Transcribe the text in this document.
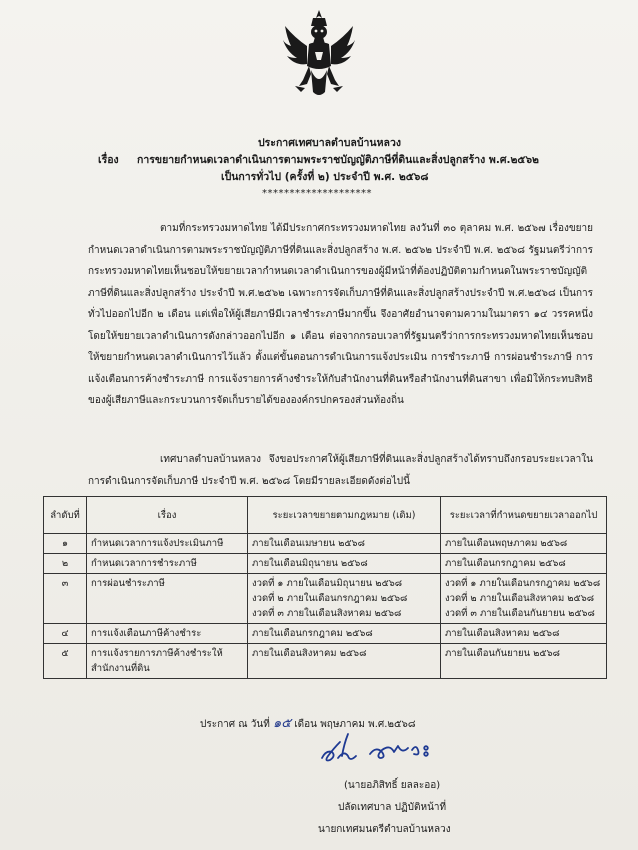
ประกาศเทศบาลตำบลบ้านหลวง
เรื่อง การขยายกำหนดเวลาดำเนินการตามพระราชบัญญัติภาษีที่ดินและสิ่งปลูกสร้าง พ.ศ.๒๕๖๒
เป็นการทั่วไป (ครั้งที่ ๒) ประจำปี พ.ศ. ๒๕๖๘
********************

ตามที่กระทรวงมหาดไทย ได้มีประกาศกระทรวงมหาดไทย ลงวันที่ ๓๐ ตุลาคม พ.ศ. ๒๕๖๗ เรื่องขยายกำหนดเวลาดำเนินการตามพระราชบัญญัติภาษีที่ดินและสิ่งปลูกสร้าง พ.ศ. ๒๕๖๒ ประจำปี พ.ศ. ๒๕๖๘ รัฐมนตรีว่าการกระทรวงมหาดไทยเห็นชอบให้ขยายเวลากำหนดเวลาดำเนินการของผู้มีหน้าที่ต้องปฏิบัติตามกำหนดในพระราชบัญญัติภาษีที่ดินและสิ่งปลูกสร้าง ประจำปี พ.ศ.๒๕๖๒ เฉพาะการจัดเก็บภาษีที่ดินและสิ่งปลูกสร้างประจำปี พ.ศ.๒๕๖๘ เป็นการทั่วไปออกไปอีก ๒ เดือน แต่เพื่อให้ผู้เสียภาษีมีเวลาชำระภาษีมากขึ้น จึงอาศัยอำนาจตามความในมาตรา ๑๔ วรรคหนึ่ง โดยให้ขยายเวลาดำเนินการดังกล่าวออกไปอีก ๑ เดือน ต่อจากกรอบเวลาที่รัฐมนตรีว่าการกระทรวงมหาดไทยเห็นชอบให้ขยายกำหนดเวลาดำเนินการไว้แล้ว ตั้งแต่ขั้นตอนการดำเนินการแจ้งประเมิน การชำระภาษี การผ่อนชำระภาษี การแจ้งเตือนการค้างชำระภาษี การแจ้งรายการค้างชำระให้กับสำนักงานที่ดินหรือสำนักงานที่ดินสาขา เพื่อมิให้กระทบสิทธิของผู้เสียภาษีและกระบวนการจัดเก็บรายได้ขององค์กรปกครองส่วนท้องถิ่น

เทศบาลตำบลบ้านหลวง จึงขอประกาศให้ผู้เสียภาษีที่ดินและสิ่งปลูกสร้างได้ทราบถึงกรอบระยะเวลาในการดำเนินการจัดเก็บภาษี ประจำปี พ.ศ. ๒๕๖๘ โดยมีรายละเอียดดังต่อไปนี้

ลำดับที่	เรื่อง	ระยะเวลาขยายตามกฎหมาย (เดิม)	ระยะเวลาที่กำหนดขยายเวลาออกไป
๑	กำหนดเวลาการแจ้งประเมินภาษี	ภายในเดือนเมษายน ๒๕๖๘	ภายในเดือนพฤษภาคม ๒๕๖๘

๒	กำหนดเวลาการชำระภาษี	ภายในเดือนมิถุนายน ๒๕๖๘	ภายในเดือนกรกฎาคม ๒๕๖๘

๓	การผ่อนชำระภาษี	งวดที่ ๑ ภายในเดือนมิถุนายน ๒๕๖๘
งวดที่ ๒ ภายในเดือนกรกฎาคม ๒๕๖๘
งวดที่ ๓ ภายในเดือนสิงหาคม ๒๕๖๘	งวดที่ ๑ ภายในเดือนกรกฎาคม ๒๕๖๘
งวดที่ ๒ ภายในเดือนสิงหาคม ๒๕๖๘
งวดที่ ๓ ภายในเดือนกันยายน ๒๕๖๘

๔	การแจ้งเตือนภาษีค้างชำระ	ภายในเดือนกรกฎาคม ๒๕๖๘	ภายในเดือนสิงหาคม ๒๕๖๘

๕	การแจ้งรายการภาษีค้างชำระให้
สำนักงานที่ดิน	ภายในเดือนสิงหาคม ๒๕๖๘	ภายในเดือนกันยายน ๒๕๖๘
ประกาศ ณ วันที่ ๑๕ เดือน พฤษภาคม พ.ศ.๒๕๖๘
(นายอภิสิทธิ์ ยลละออ)
ปลัดเทศบาล ปฏิบัติหน้าที่
นายกเทศมนตรีตำบลบ้านหลวง
